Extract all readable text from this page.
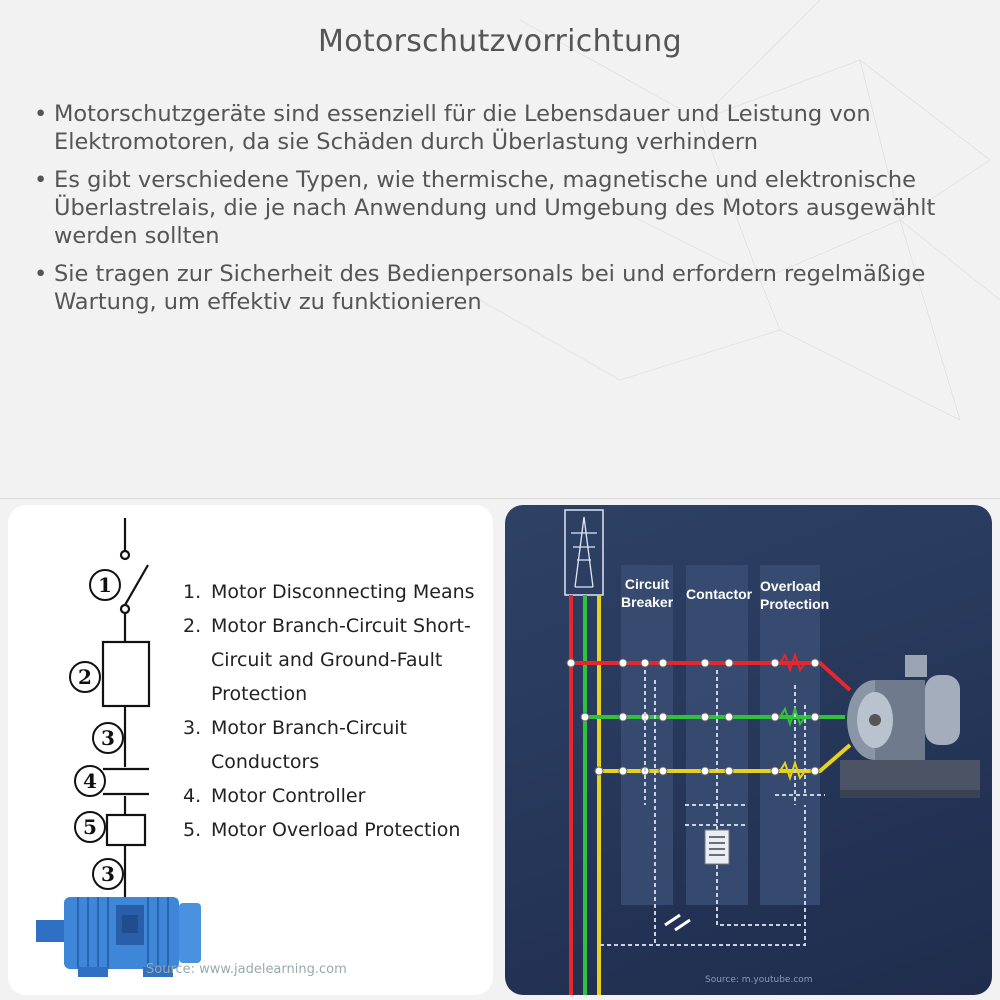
Motorschutzvorrichtung
• Motorschutzgeräte sind essenziell für die Lebensdauer und Leistung von Elektromotoren, da sie Schäden durch Überlastung verhindern
• Es gibt verschiedene Typen, wie thermische, magnetische und elektronische Überlastrelais, die je nach Anwendung und Umgebung des Motors ausgewählt werden sollten
• Sie tragen zur Sicherheit des Bedienpersonals bei und erfordern regelmäßige Wartung, um effektiv zu funktionieren
1
2
3
4
5
3
1. Motor Disconnecting Means
2. Motor Branch-Circuit Short-Circuit and Ground-Fault Protection
3. Motor Branch-Circuit Conductors
4. Motor Controller
5. Motor Overload Protection
Source: www.jadelearning.com
Circuit Breaker Contactor Overload Protection
Source: m.youtube.com
